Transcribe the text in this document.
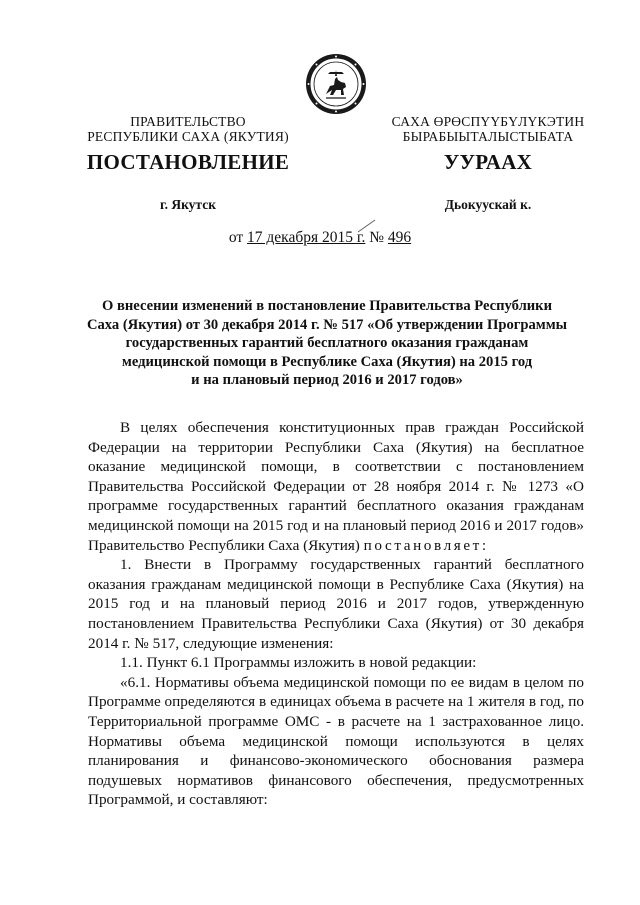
ПРАВИТЕЛЬСТВО
РЕСПУБЛИКИ САХА (ЯКУТИЯ)
САХА ӨРӨСПҮҮБҮЛҮКЭТИН
БЫРАБЫЫТАЛЫСТЫБАТА
ПОСТАНОВЛЕНИЕ	УУРААХ
г. Якутск	Дьокуускай к.
от 17 декабря 2015 г. № 496
О внесении изменений в постановление Правительства Республики
Саха (Якутия) от 30 декабря 2014 г. № 517 «Об утверждении Программы
государственных гарантий бесплатного оказания гражданам
медицинской помощи в Республике Саха (Якутия) на 2015 год
и на плановый период 2016 и 2017 годов»

В целях обеспечения конституционных прав граждан Российской Федерации на территории Республики Саха (Якутия) на бесплатное оказание медицинской помощи, в соответствии с постановлением Правительства Российской Федерации от 28 ноября 2014 г. № 1273 «О программе государственных гарантий бесплатного оказания гражданам медицинской помощи на 2015 год и на плановый период 2016 и 2017 годов» Правительство Республики Саха (Якутия) постановляет:

1. Внести в Программу государственных гарантий бесплатного оказания гражданам медицинской помощи в Республике Саха (Якутия) на 2015 год и на плановый период 2016 и 2017 годов, утвержденную постановлением Правительства Республики Саха (Якутия) от 30 декабря 2014 г. № 517, следующие изменения:

1.1. Пункт 6.1 Программы изложить в новой редакции:

«6.1. Нормативы объема медицинской помощи по ее видам в целом по Программе определяются в единицах объема в расчете на 1 жителя в год, по Территориальной программе ОМС - в расчете на 1 застрахованное лицо. Нормативы объема медицинской помощи используются в целях планирования и финансово-экономического обоснования размера подушевых нормативов финансового обеспечения, предусмотренных Программой, и составляют:
